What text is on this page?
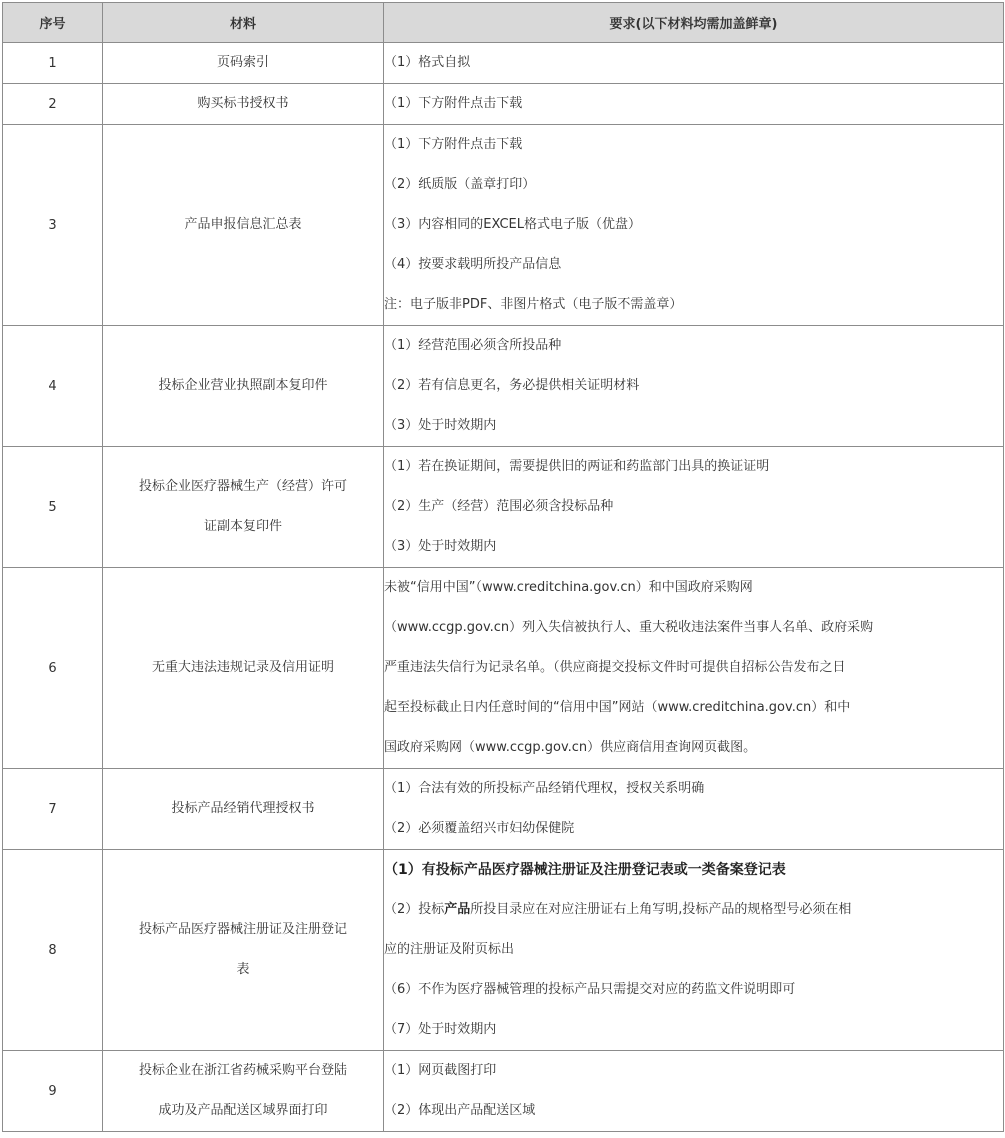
序号	材料	要求(以下材料均需加盖鲜章)
1	页码索引	（1）格式自拟

2	购买标书授权书	（1）下方附件点击下载

3	产品申报信息汇总表	（1）下方附件点击下载
（2）纸质版（盖章打印）
（3）内容相同的EXCEL格式电子版（优盘）
（4）按要求载明所投产品信息
注：电子版非PDF、非图片格式（电子版不需盖章）

4	投标企业营业执照副本复印件	（1）经营范围必须含所投品种
（2）若有信息更名，务必提供相关证明材料
（3）处于时效期内

5	投标企业医疗器械生产（经营）许可
证副本复印件	（1）若在换证期间，需要提供旧的两证和药监部门出具的换证证明
（2）生产（经营）范围必须含投标品种
（3）处于时效期内

6	无重大违法违规记录及信用证明	未被“信用中国”（www.creditchina.gov.cn）和中国政府采购网
（www.ccgp.gov.cn）列入失信被执行人、重大税收违法案件当事人名单、政府采购
严重违法失信行为记录名单。（供应商提交投标文件时可提供自招标公告发布之日
起至投标截止日内任意时间的“信用中国”网站（www.creditchina.gov.cn）和中
国政府采购网（www.ccgp.gov.cn）供应商信用查询网页截图。

7	投标产品经销代理授权书	（1）合法有效的所投标产品经销代理权，授权关系明确
（2）必须覆盖绍兴市妇幼保健院

8	投标产品医疗器械注册证及注册登记
表	（1）有投标产品医疗器械注册证及注册登记表或一类备案登记表
（2）投标产品所投目录应在对应注册证右上角写明,投标产品的规格型号必须在相
应的注册证及附页标出
（6）不作为医疗器械管理的投标产品只需提交对应的药监文件说明即可
（7）处于时效期内

9	投标企业在浙江省药械采购平台登陆
成功及产品配送区域界面打印	（1）网页截图打印
（2）体现出产品配送区域
